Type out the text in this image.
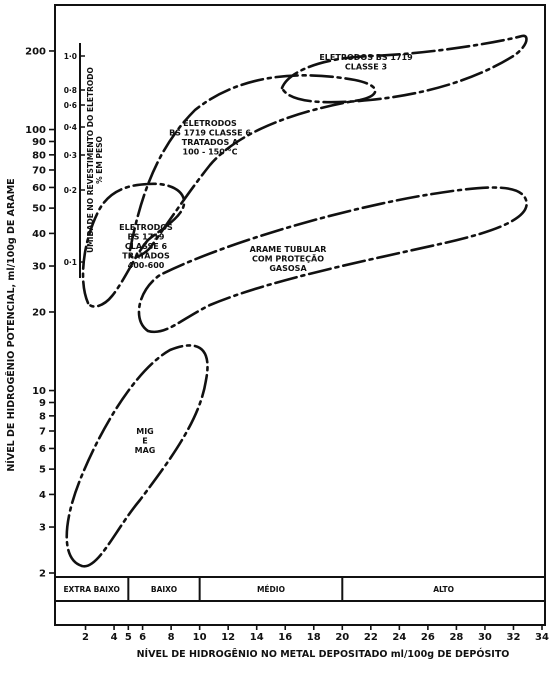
2
3
4
5
6
7
8
9
10
20
30
40
50
60
70
80
90
100
200
2 4 5 6 8 10 12 14 16 18 20 22 24 26 28 30 32 34
EXTRA BAIXO	BAIXO	MÉDIO	ALTO
MIG
E
MAG
ARAME TUBULAR
COM PROTEÇÃO
GASOSA
ELETRODOS
BS 1719 CLASSE 6
TRATADOS A
100 - 150 °C
ELETRODOS
BS 1719
CLASSE 6
TRATADOS
400-600
ELETRODOS BS 1719
CLASSE 3
1·0
0·8
0·6
0·4
0·3
0·2
0·1
UMIDADE NO REVESTIMENTO DO ELETRODO % EM PESO
NÍVEL DE HIDROGÊNIO POTENCIAL, ml/100g DE ARAME
NÍVEL DE HIDROGÊNIO NO METAL DEPOSITADO ml/100g DE DEPÓSITO
